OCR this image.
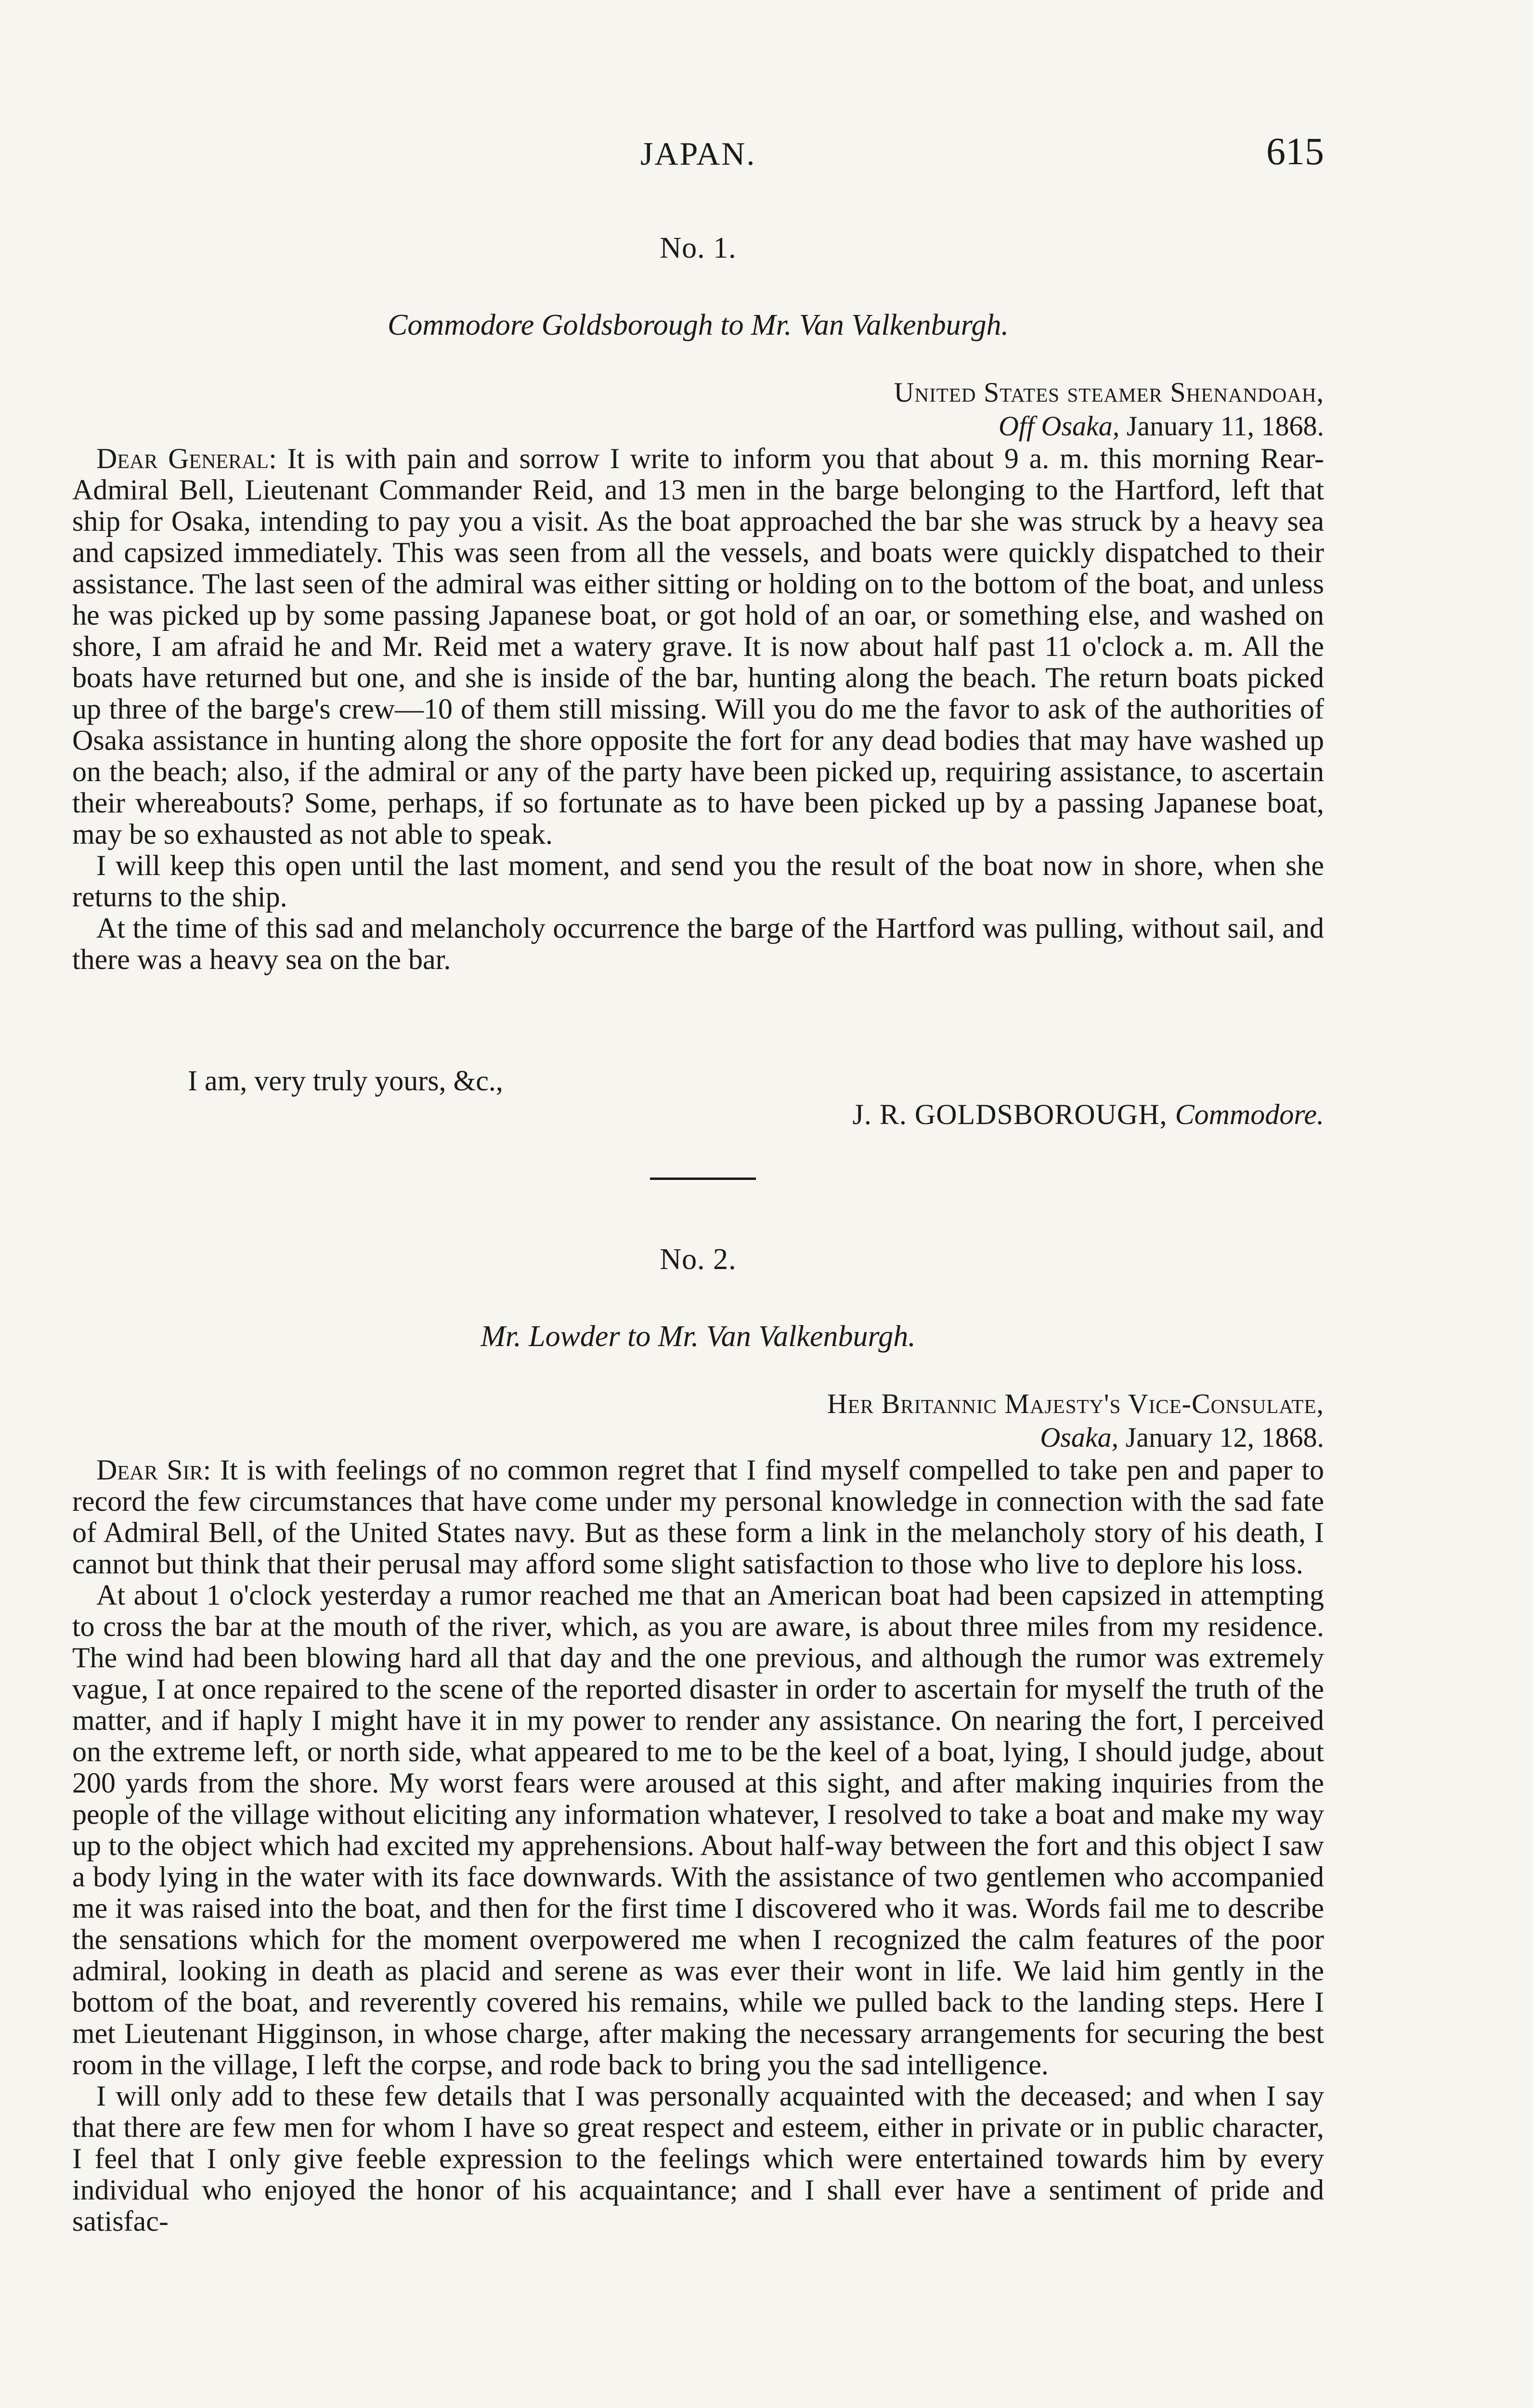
JAPAN.	615
No. 1.
Commodore Goldsborough to Mr. Van Valkenburgh.
United States steamer Shenandoah,
Off Osaka, January 11, 1868.

Dear General: It is with pain and sorrow I write to inform you that about 9 a. m. this morning Rear-Admiral Bell, Lieutenant Commander Reid, and 13 men in the barge belonging to the Hartford, left that ship for Osaka, intending to pay you a visit. As the boat approached the bar she was struck by a heavy sea and capsized immediately. This was seen from all the vessels, and boats were quickly dispatched to their assistance. The last seen of the admiral was either sitting or holding on to the bottom of the boat, and unless he was picked up by some passing Japanese boat, or got hold of an oar, or something else, and washed on shore, I am afraid he and Mr. Reid met a watery grave. It is now about half past 11 o'clock a. m. All the boats have returned but one, and she is inside of the bar, hunting along the beach. The return boats picked up three of the barge's crew—10 of them still missing. Will you do me the favor to ask of the authorities of Osaka assistance in hunting along the shore opposite the fort for any dead bodies that may have washed up on the beach; also, if the admiral or any of the party have been picked up, requiring assistance, to ascertain their whereabouts? Some, perhaps, if so fortunate as to have been picked up by a passing Japanese boat, may be so exhausted as not able to speak.

I will keep this open until the last moment, and send you the result of the boat now in shore, when she returns to the ship.

At the time of this sad and melancholy occurrence the barge of the Hartford was pulling, without sail, and there was a heavy sea on the bar.

I am, very truly yours, &c.,
J. R. GOLDSBOROUGH, Commodore.
No. 2.
Mr. Lowder to Mr. Van Valkenburgh.
Her Britannic Majesty's Vice-Consulate,
Osaka, January 12, 1868.

Dear Sir: It is with feelings of no common regret that I find myself compelled to take pen and paper to record the few circumstances that have come under my personal knowledge in connection with the sad fate of Admiral Bell, of the United States navy. But as these form a link in the melancholy story of his death, I cannot but think that their perusal may afford some slight satisfaction to those who live to deplore his loss.

At about 1 o'clock yesterday a rumor reached me that an American boat had been capsized in attempting to cross the bar at the mouth of the river, which, as you are aware, is about three miles from my residence. The wind had been blowing hard all that day and the one previous, and although the rumor was extremely vague, I at once repaired to the scene of the reported disaster in order to ascertain for myself the truth of the matter, and if haply I might have it in my power to render any assistance. On nearing the fort, I perceived on the extreme left, or north side, what appeared to me to be the keel of a boat, lying, I should judge, about 200 yards from the shore. My worst fears were aroused at this sight, and after making inquiries from the people of the village without eliciting any information whatever, I resolved to take a boat and make my way up to the object which had excited my apprehensions. About half-way between the fort and this object I saw a body lying in the water with its face downwards. With the assistance of two gentlemen who accompanied me it was raised into the boat, and then for the first time I discovered who it was. Words fail me to describe the sensations which for the moment overpowered me when I recognized the calm features of the poor admiral, looking in death as placid and serene as was ever their wont in life. We laid him gently in the bottom of the boat, and reverently covered his remains, while we pulled back to the landing steps. Here I met Lieutenant Higginson, in whose charge, after making the necessary arrangements for securing the best room in the village, I left the corpse, and rode back to bring you the sad intelligence.

I will only add to these few details that I was personally acquainted with the deceased; and when I say that there are few men for whom I have so great respect and esteem, either in private or in public character, I feel that I only give feeble expression to the feelings which were entertained towards him by every individual who enjoyed the honor of his acquaintance; and I shall ever have a sentiment of pride and satisfac-
